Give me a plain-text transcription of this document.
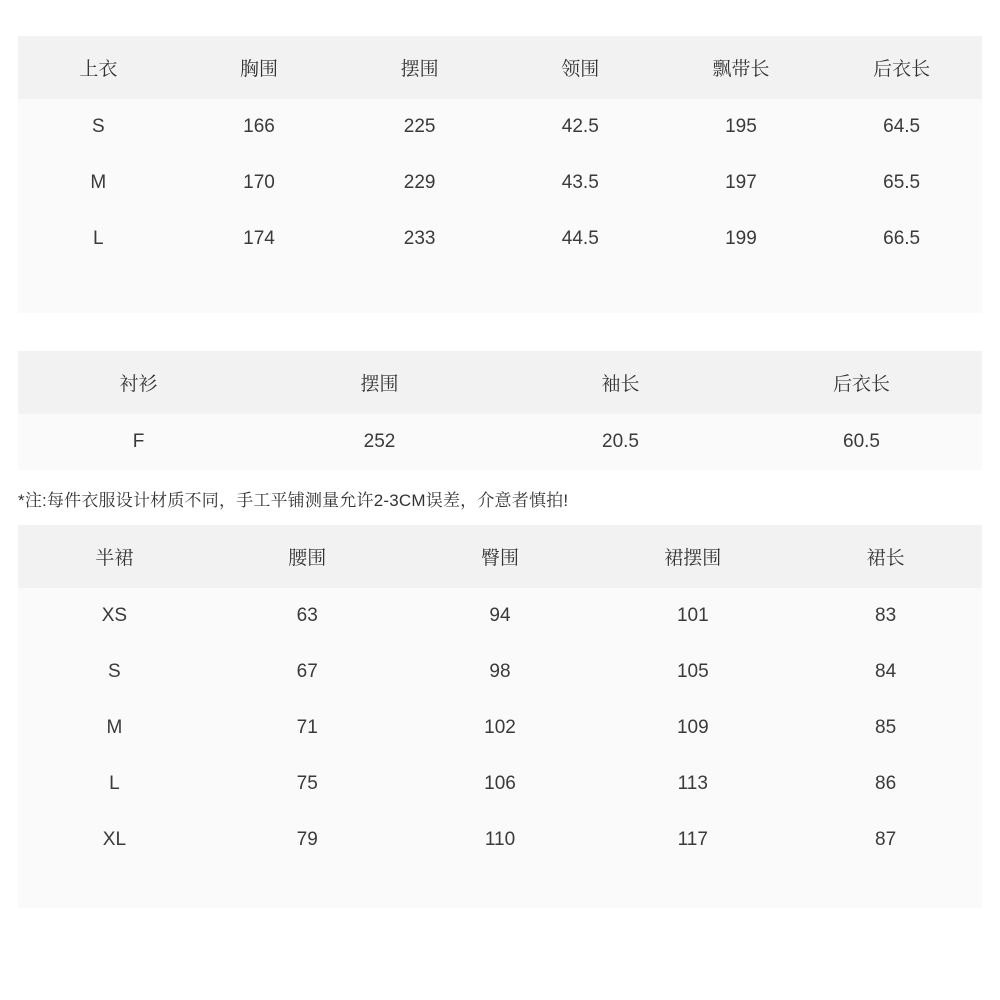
上衣	胸围	摆围	领围	飘带长	后衣长
S	166	225	42.5	195	64.5
M	170	229	43.5	197	65.5
L	174	233	44.5	199	66.5
衬衫	摆围	袖长	后衣长
F	252	20.5	60.5
*注:每件衣服设计材质不同，手工平铺测量允许2-3CM误差，介意者慎拍!
半裙	腰围	臀围	裙摆围	裙长
XS	63	94	101	83
S	67	98	105	84
M	71	102	109	85
L	75	106	113	86
XL	79	110	117	87
